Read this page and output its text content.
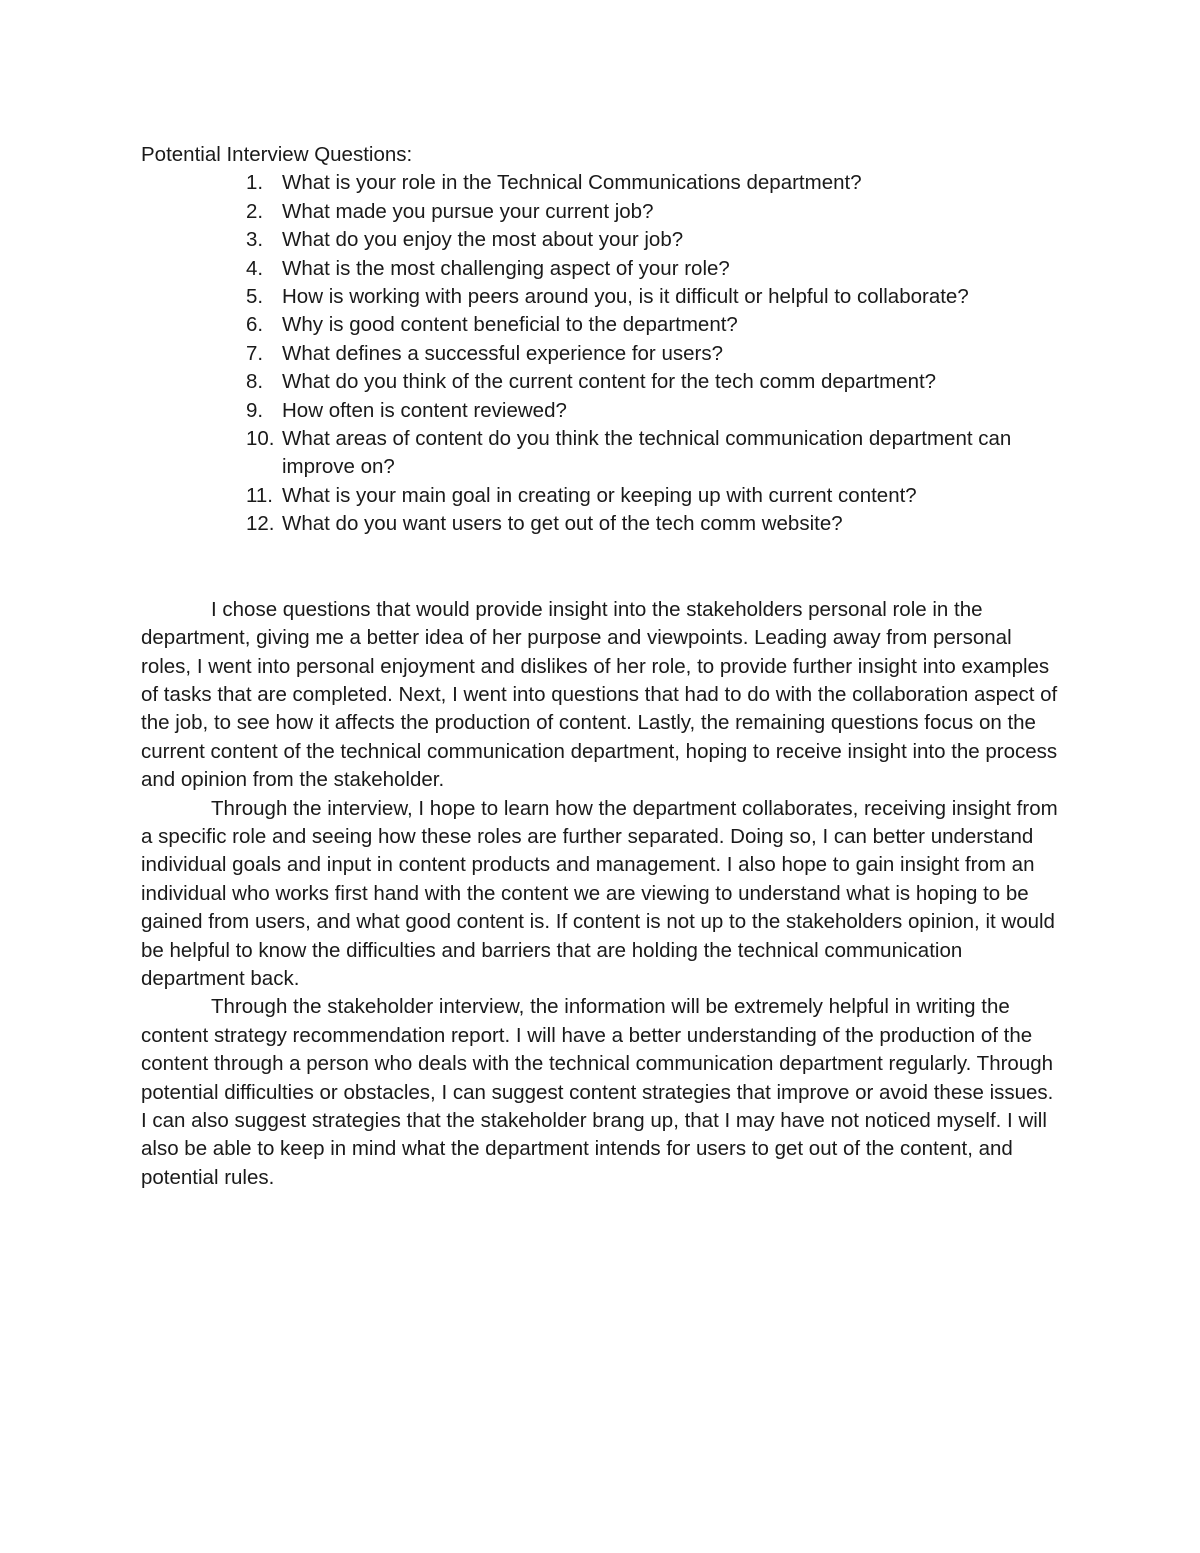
Potential Interview Questions:

1. What is your role in the Technical Communications department?
2. What made you pursue your current job?
3. What do you enjoy the most about your job?
4. What is the most challenging aspect of your role?
5. How is working with peers around you, is it difficult or helpful to collaborate?
6. Why is good content beneficial to the department?
7. What defines a successful experience for users?
8. What do you think of the current content for the tech comm department?
9. How often is content reviewed?
10. What areas of content do you think the technical communication department can improve on?
11. What is your main goal in creating or keeping up with current content?
12. What do you want users to get out of the tech comm website?

I chose questions that would provide insight into the stakeholders personal role in the department, giving me a better idea of her purpose and viewpoints. Leading away from personal roles, I went into personal enjoyment and dislikes of her role, to provide further insight into examples of tasks that are completed. Next, I went into questions that had to do with the collaboration aspect of the job, to see how it affects the production of content. Lastly, the remaining questions focus on the current content of the technical communication department, hoping to receive insight into the process and opinion from the stakeholder.

Through the interview, I hope to learn how the department collaborates, receiving insight from a specific role and seeing how these roles are further separated. Doing so, I can better understand individual goals and input in content products and management. I also hope to gain insight from an individual who works first hand with the content we are viewing to understand what is hoping to be gained from users, and what good content is. If content is not up to the stakeholders opinion, it would be helpful to know the difficulties and barriers that are holding the technical communication department back.

Through the stakeholder interview, the information will be extremely helpful in writing the content strategy recommendation report. I will have a better understanding of the production of the content through a person who deals with the technical communication department regularly. Through potential difficulties or obstacles, I can suggest content strategies that improve or avoid these issues. I can also suggest strategies that the stakeholder brang up, that I may have not noticed myself. I will also be able to keep in mind what the department intends for users to get out of the content, and potential rules.
